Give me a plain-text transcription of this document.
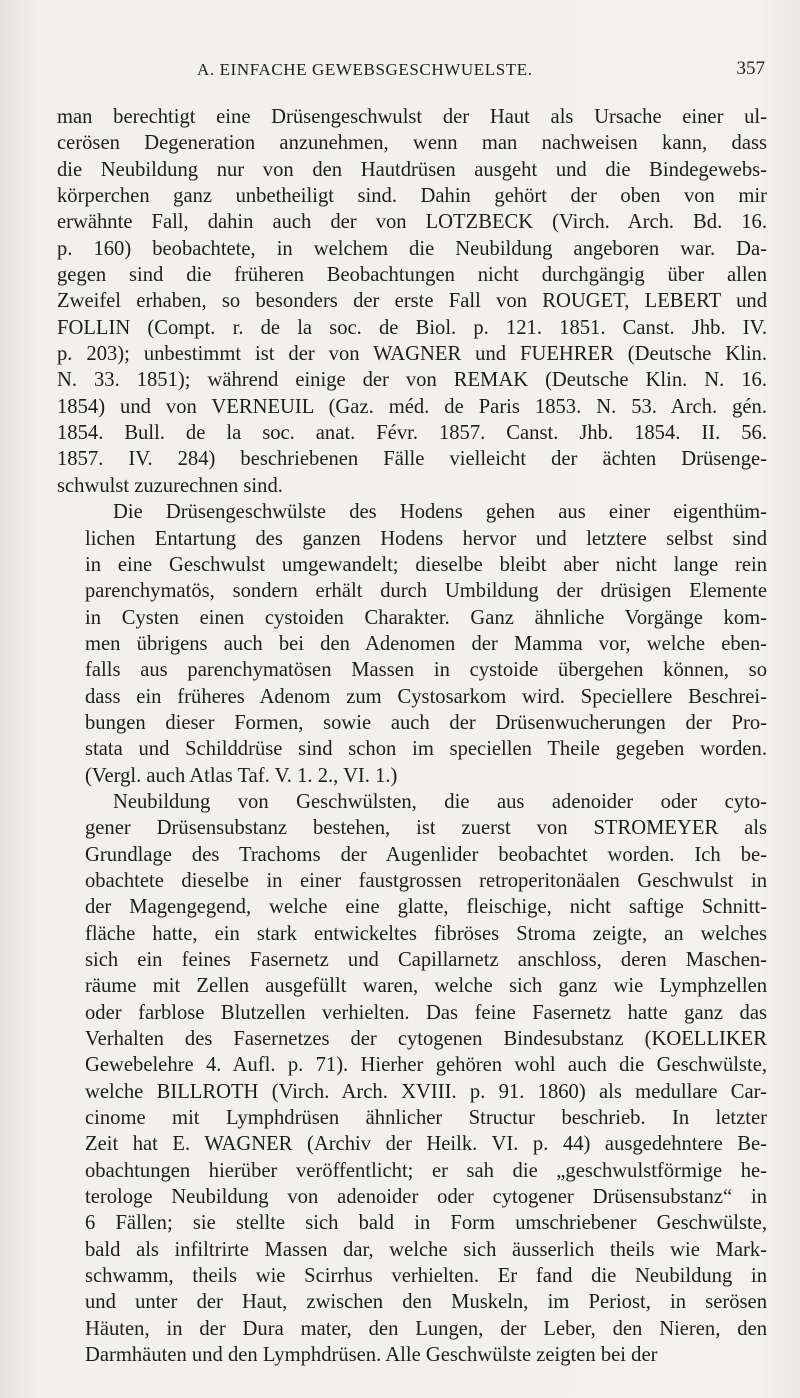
A. EINFACHE GEWEBSGESCHWUELSTE.	357

man berechtigt eine Drüsengeschwulst der Haut als Ursache einer ul-
cerösen Degeneration anzunehmen, wenn man nachweisen kann, dass
die Neubildung nur von den Hautdrüsen ausgeht und die Bindegewebs-
körperchen ganz unbetheiligt sind. Dahin gehört der oben von mir
erwähnte Fall, dahin auch der von LOTZBECK (Virch. Arch. Bd. 16.
p. 160) beobachtete, in welchem die Neubildung angeboren war. Da-
gegen sind die früheren Beobachtungen nicht durchgängig über allen
Zweifel erhaben, so besonders der erste Fall von ROUGET, LEBERT und
FOLLIN (Compt. r. de la soc. de Biol. p. 121. 1851. Canst. Jhb. IV.
p. 203); unbestimmt ist der von WAGNER und FUEHRER (Deutsche Klin.
N. 33. 1851); während einige der von REMAK (Deutsche Klin. N. 16.
1854) und von VERNEUIL (Gaz. méd. de Paris 1853. N. 53. Arch. gén.
1854. Bull. de la soc. anat. Févr. 1857. Canst. Jhb. 1854. II. 56.
1857. IV. 284) beschriebenen Fälle vielleicht der ächten Drüsenge-
schwulst zuzurechnen sind.

Die Drüsengeschwülste des Hodens gehen aus einer eigenthüm-
lichen Entartung des ganzen Hodens hervor und letztere selbst sind
in eine Geschwulst umgewandelt; dieselbe bleibt aber nicht lange rein
parenchymatös, sondern erhält durch Umbildung der drüsigen Elemente
in Cysten einen cystoiden Charakter. Ganz ähnliche Vorgänge kom-
men übrigens auch bei den Adenomen der Mamma vor, welche eben-
falls aus parenchymatösen Massen in cystoide übergehen können, so
dass ein früheres Adenom zum Cystosarkom wird. Speciellere Beschrei-
bungen dieser Formen, sowie auch der Drüsenwucherungen der Pro-
stata und Schilddrüse sind schon im speciellen Theile gegeben worden.
(Vergl. auch Atlas Taf. V. 1. 2., VI. 1.)

Neubildung von Geschwülsten, die aus adenoider oder cyto-
gener Drüsensubstanz bestehen, ist zuerst von STROMEYER als
Grundlage des Trachoms der Augenlider beobachtet worden. Ich be-
obachtete dieselbe in einer faustgrossen retroperitonäalen Geschwulst in
der Magengegend, welche eine glatte, fleischige, nicht saftige Schnitt-
fläche hatte, ein stark entwickeltes fibröses Stroma zeigte, an welches
sich ein feines Fasernetz und Capillarnetz anschloss, deren Maschen-
räume mit Zellen ausgefüllt waren, welche sich ganz wie Lymphzellen
oder farblose Blutzellen verhielten. Das feine Fasernetz hatte ganz das
Verhalten des Fasernetzes der cytogenen Bindesubstanz (KOELLIKER
Gewebelehre 4. Aufl. p. 71). Hierher gehören wohl auch die Geschwülste,
welche BILLROTH (Virch. Arch. XVIII. p. 91. 1860) als medullare Car-
cinome mit Lymphdrüsen ähnlicher Structur beschrieb. In letzter
Zeit hat E. WAGNER (Archiv der Heilk. VI. p. 44) ausgedehntere Be-
obachtungen hierüber veröffentlicht; er sah die „geschwulstförmige he-
terologe Neubildung von adenoider oder cytogener Drüsensubstanz“ in
6 Fällen; sie stellte sich bald in Form umschriebener Geschwülste,
bald als infiltrirte Massen dar, welche sich äusserlich theils wie Mark-
schwamm, theils wie Scirrhus verhielten. Er fand die Neubildung in
und unter der Haut, zwischen den Muskeln, im Periost, in serösen
Häuten, in der Dura mater, den Lungen, der Leber, den Nieren, den
Darmhäuten und den Lymphdrüsen. Alle Geschwülste zeigten bei der
